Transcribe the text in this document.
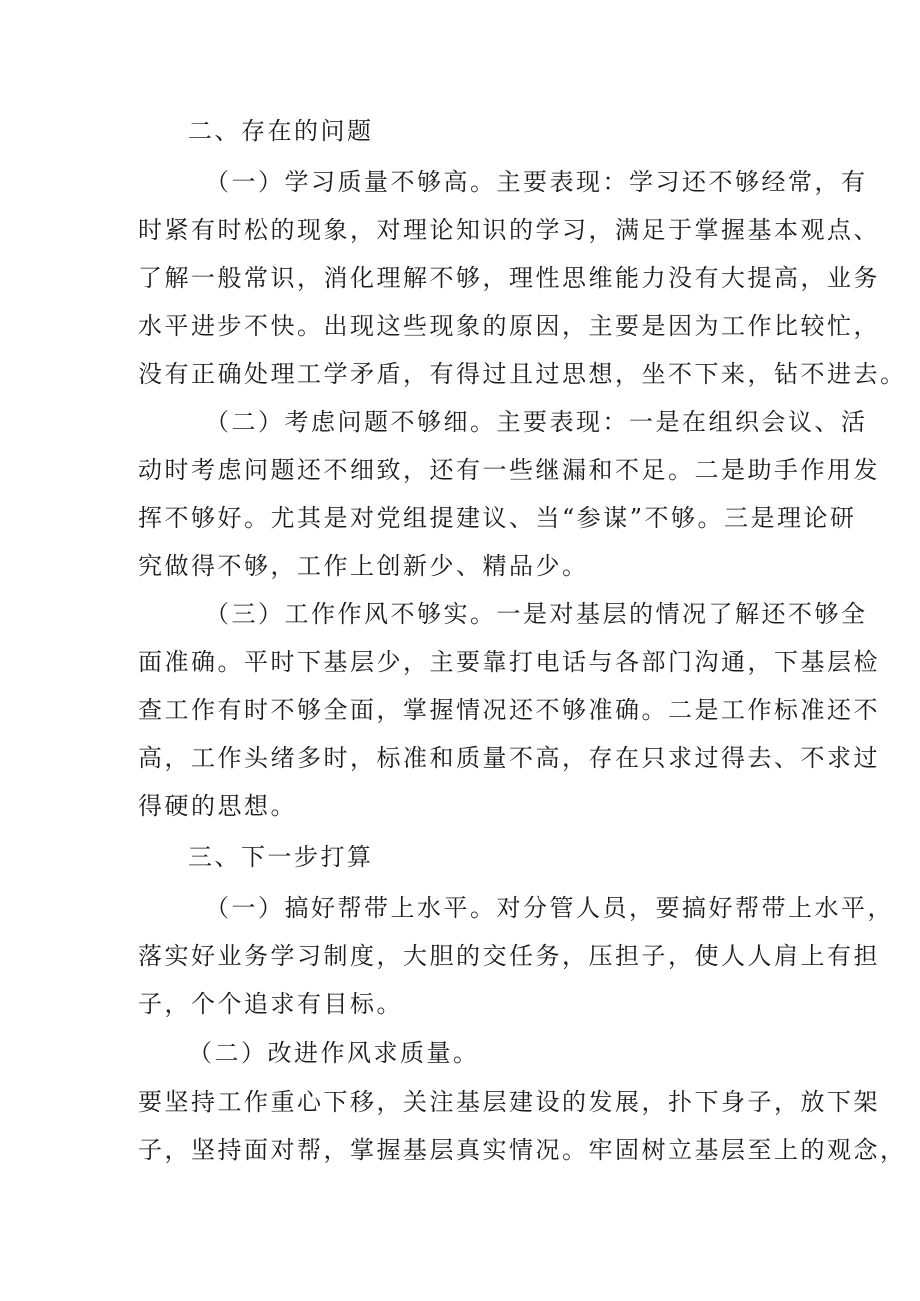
二、存在的问题
（一）学习质量不够高。主要表现：学习还不够经常，有
时紧有时松的现象，对理论知识的学习，满足于掌握基本观点、
了解一般常识，消化理解不够，理性思维能力没有大提高，业务
水平进步不快。出现这些现象的原因，主要是因为工作比较忙，
没有正确处理工学矛盾，有得过且过思想，坐不下来，钻不进去。
（二）考虑问题不够细。主要表现：一是在组织会议、活
动时考虑问题还不细致，还有一些继漏和不足。二是助手作用发
挥不够好。尤其是对党组提建议、当“参谋”不够。三是理论研
究做得不够，工作上创新少、精品少。
（三）工作作风不够实。一是对基层的情况了解还不够全
面准确。平时下基层少，主要靠打电话与各部门沟通，下基层检
查工作有时不够全面，掌握情况还不够准确。二是工作标准还不
高，工作头绪多时，标准和质量不高，存在只求过得去、不求过
得硬的思想。
三、下一步打算
（一）搞好帮带上水平。对分管人员，要搞好帮带上水平，
落实好业务学习制度，大胆的交任务，压担子，使人人肩上有担
子，个个追求有目标。
（二）改进作风求质量。
要坚持工作重心下移，关注基层建设的发展，扑下身子，放下架
子，坚持面对帮，掌握基层真实情况。牢固树立基层至上的观念，
